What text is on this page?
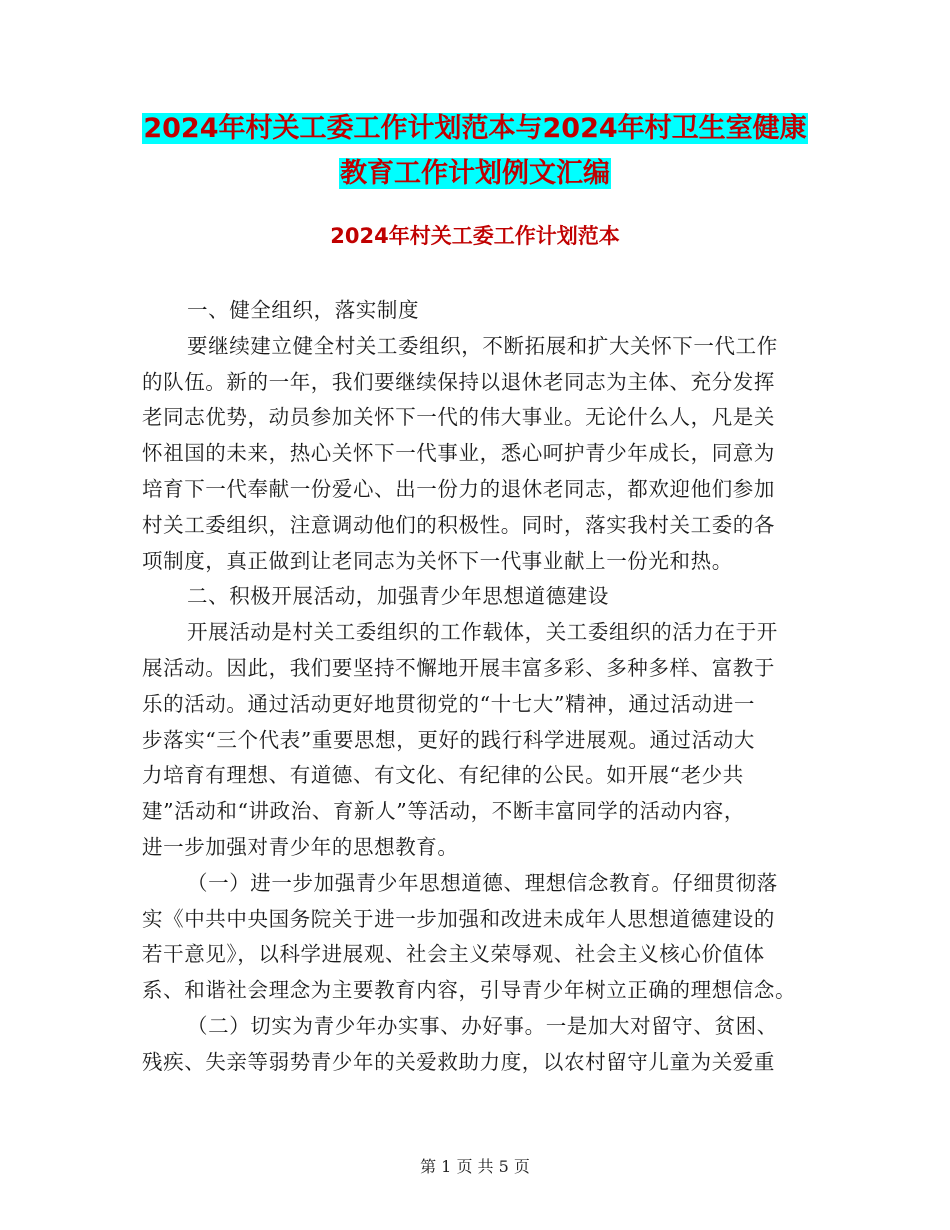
2024年村关工委工作计划范本与2024年村卫生室健康
教育工作计划例文汇编
2024年村关工委工作计划范本
一、健全组织，落实制度
要继续建立健全村关工委组织，不断拓展和扩大关怀下一代工作
的队伍。新的一年，我们要继续保持以退休老同志为主体、充分发挥
老同志优势，动员参加关怀下一代的伟大事业。无论什么人，凡是关
怀祖国的未来，热心关怀下一代事业，悉心呵护青少年成长，同意为
培育下一代奉献一份爱心、出一份力的退休老同志，都欢迎他们参加
村关工委组织，注意调动他们的积极性。同时，落实我村关工委的各
项制度，真正做到让老同志为关怀下一代事业献上一份光和热。
二、积极开展活动，加强青少年思想道德建设
开展活动是村关工委组织的工作载体，关工委组织的活力在于开
展活动。因此，我们要坚持不懈地开展丰富多彩、多种多样、富教于
乐的活动。通过活动更好地贯彻党的“十七大”精神，通过活动进一
步落实“三个代表”重要思想，更好的践行科学进展观。通过活动大
力培育有理想、有道德、有文化、有纪律的公民。如开展“老少共
建”活动和“讲政治、育新人”等活动，不断丰富同学的活动内容，
进一步加强对青少年的思想教育。
（一）进一步加强青少年思想道德、理想信念教育。仔细贯彻落
实《中共中央国务院关于进一步加强和改进未成年人思想道德建设的
若干意见》，以科学进展观、社会主义荣辱观、社会主义核心价值体
系、和谐社会理念为主要教育内容，引导青少年树立正确的理想信念。
（二）切实为青少年办实事、办好事。一是加大对留守、贫困、
残疾、失亲等弱势青少年的关爱救助力度，以农村留守儿童为关爱重
第 1 页 共 5 页
